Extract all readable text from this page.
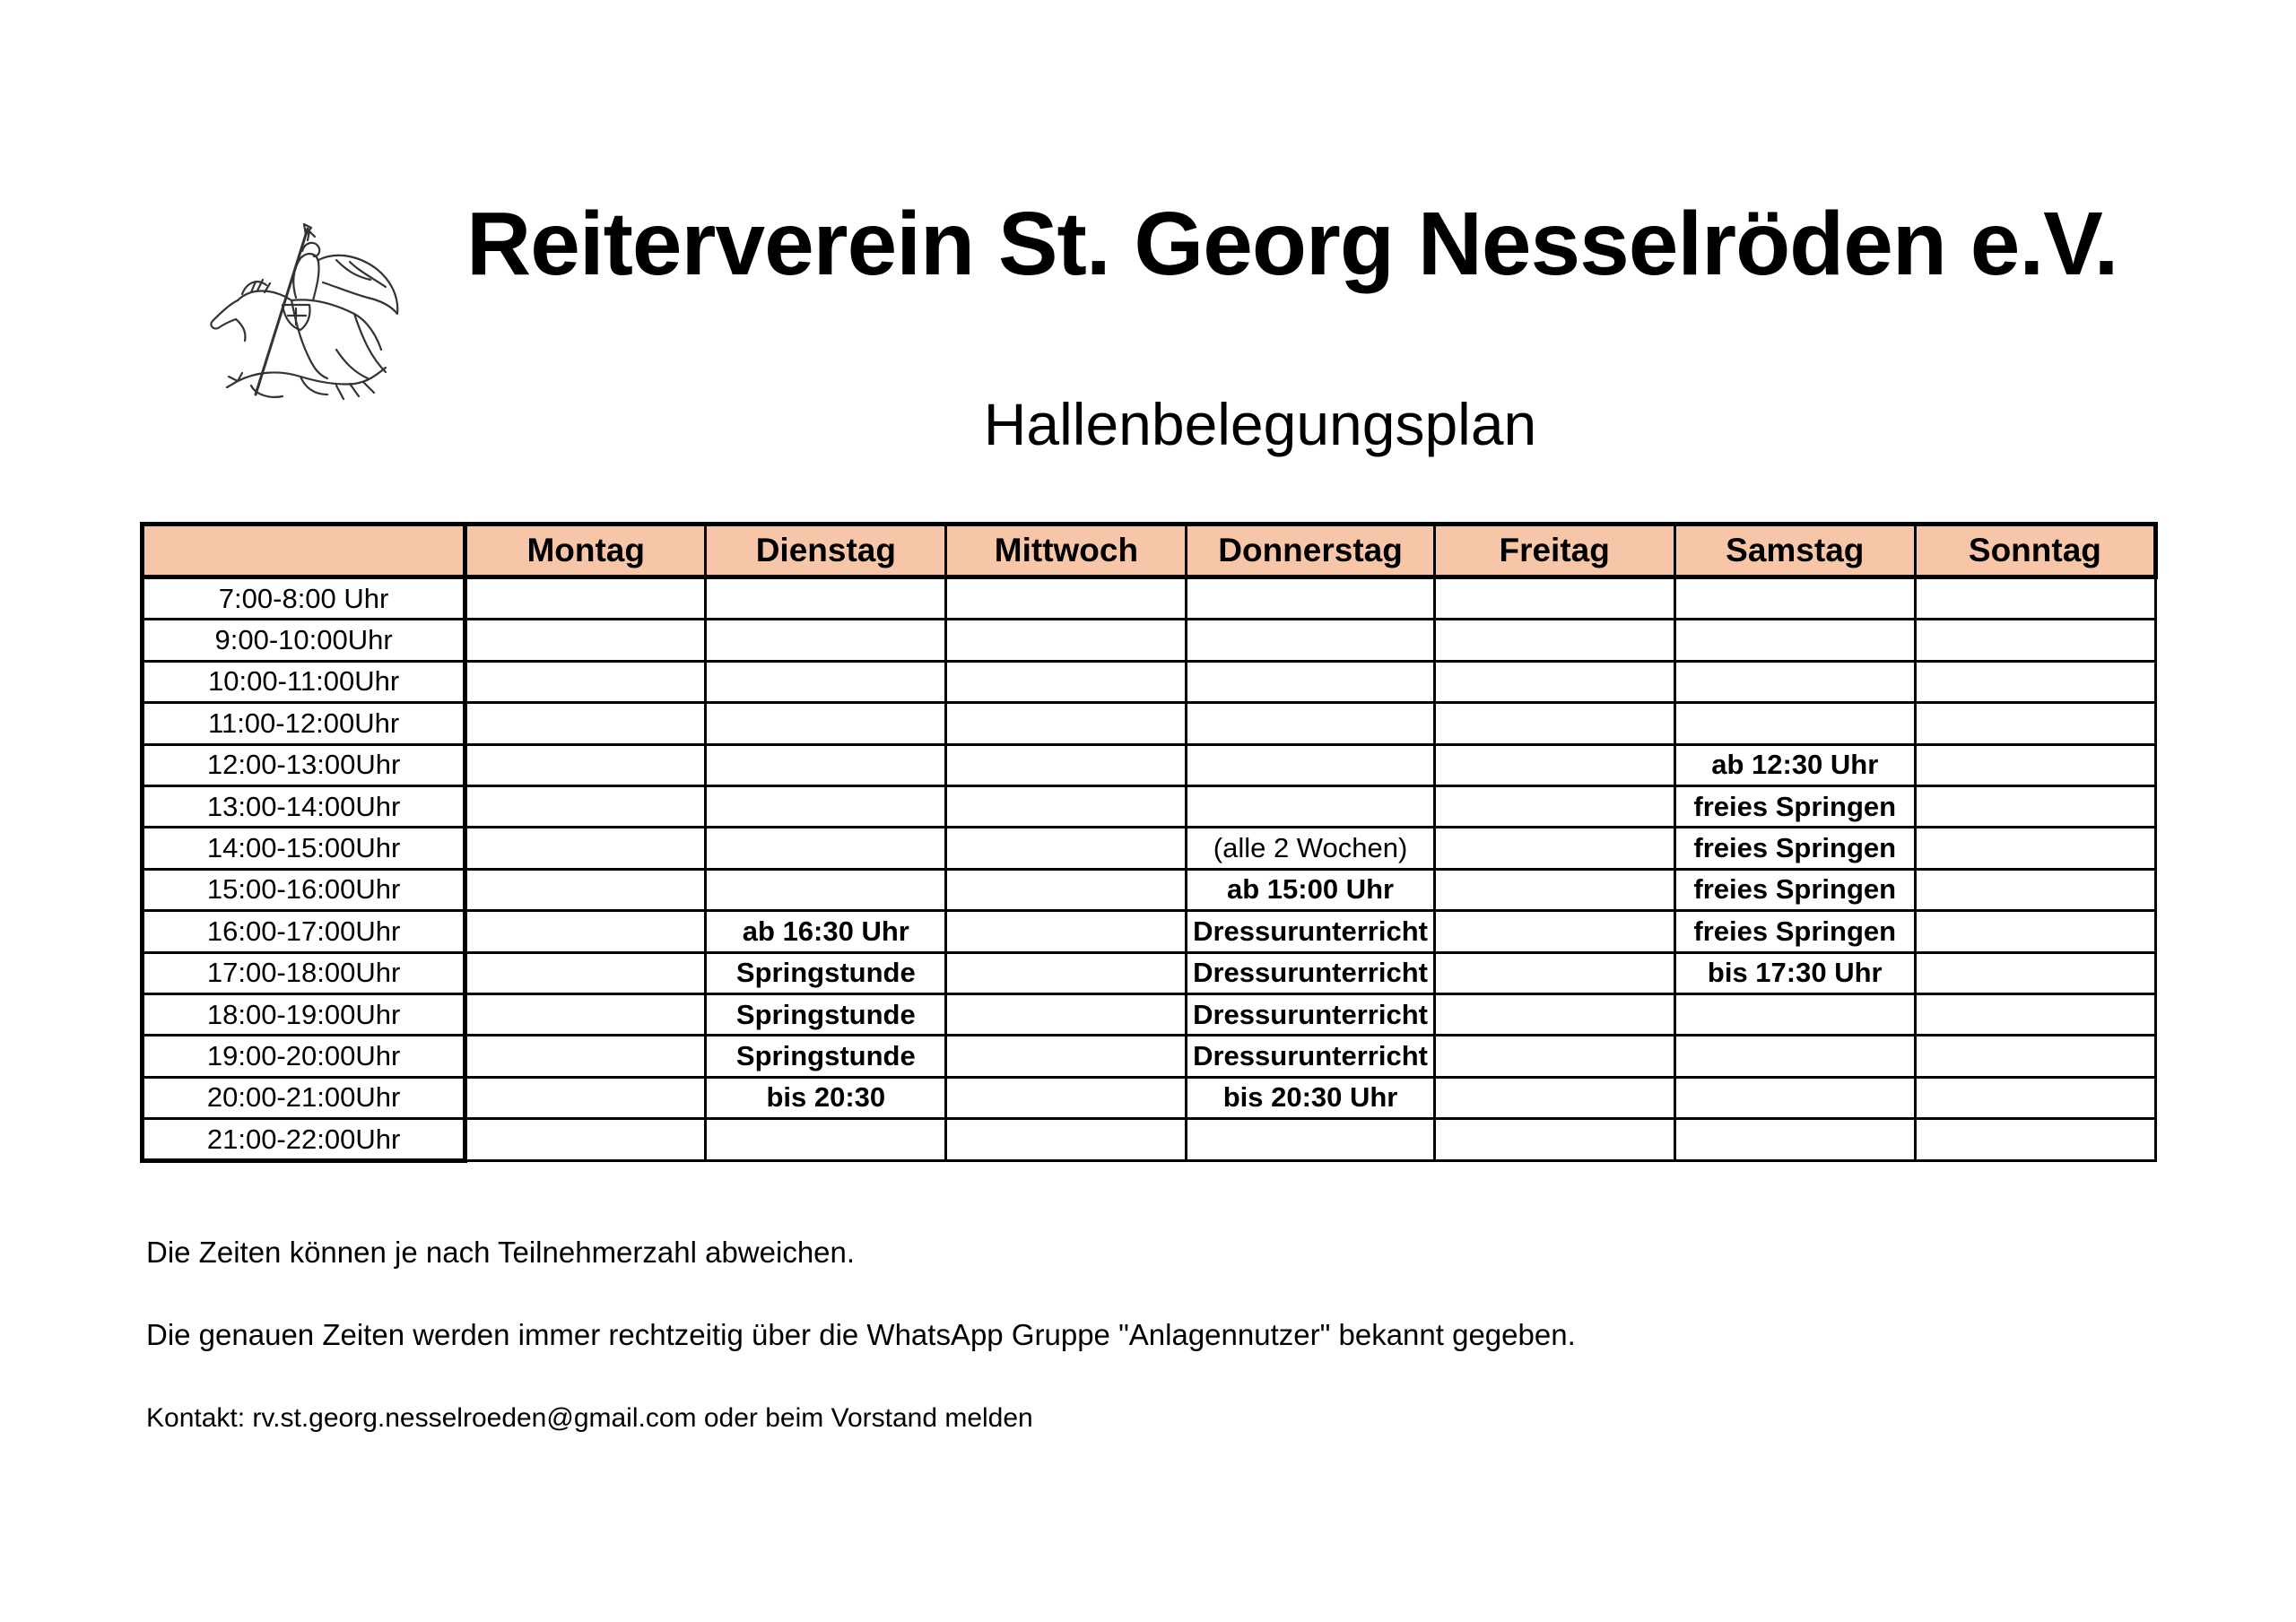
Reiterverein St. Georg Nesselröden e.V.
Hallenbelegungsplan
	Montag	Dienstag	Mittwoch	Donnerstag	Freitag	Samstag	Sonntag
7:00-8:00 Uhr							
9:00-10:00Uhr							
10:00-11:00Uhr							
11:00-12:00Uhr							
12:00-13:00Uhr						ab 12:30 Uhr	
13:00-14:00Uhr						freies Springen	
14:00-15:00Uhr				(alle 2 Wochen)		freies Springen	
15:00-16:00Uhr				ab 15:00 Uhr		freies Springen	
16:00-17:00Uhr		ab 16:30 Uhr		Dressurunterricht		freies Springen	
17:00-18:00Uhr		Springstunde		Dressurunterricht		bis 17:30 Uhr	
18:00-19:00Uhr		Springstunde		Dressurunterricht			
19:00-20:00Uhr		Springstunde		Dressurunterricht			
20:00-21:00Uhr		bis 20:30		bis 20:30 Uhr			
21:00-22:00Uhr							
Die Zeiten können je nach Teilnehmerzahl abweichen.
Die genauen Zeiten werden immer rechtzeitig über die WhatsApp Gruppe "Anlagennutzer" bekannt gegeben.
Kontakt: rv.st.georg.nesselroeden@gmail.com oder beim Vorstand melden
